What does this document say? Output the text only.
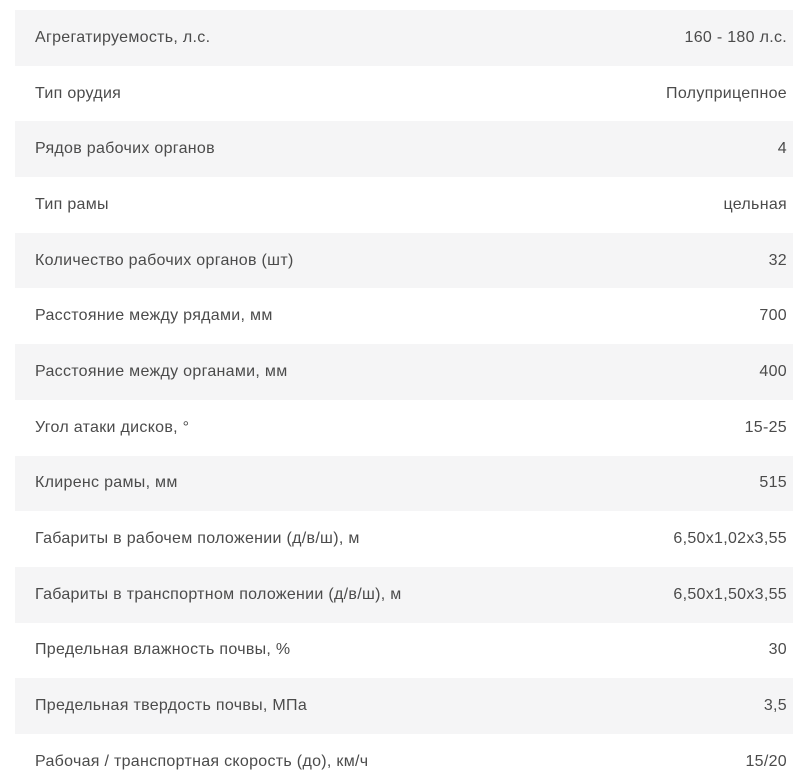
Агрегатируемость, л.с.	160 - 180 л.с.
Тип орудия	Полуприцепное
Рядов рабочих органов	4
Тип рамы	цельная
Количество рабочих органов (шт)	32
Расстояние между рядами, мм	700
Расстояние между органами, мм	400
Угол атаки дисков, °	15-25
Клиренс рамы, мм	515
Габариты в рабочем положении (д/в/ш), м	6,50х1,02х3,55
Габариты в транспортном положении (д/в/ш), м	6,50х1,50х3,55
Предельная влажность почвы, %	30
Предельная твердость почвы, МПа	3,5
Рабочая / транспортная скорость (до), км/ч	15/20
